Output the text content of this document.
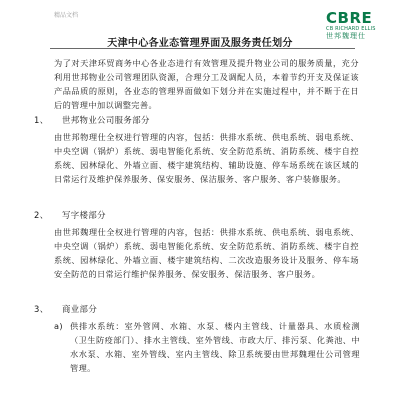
精品文档	CBRE
CB RICHARD ELLIS
世邦魏理仕
天津中心各业态管理界面及服务责任划分
为了对天津环贸商务中心各业态进行有效管理及提升物业公司的服务质量，充分利用世邦物业公司管理团队资源，合理分工及调配人员，本着节约开支及保证该产品品质的原则，各业态的管理界面做如下划分并在实施过程中，并不断于在日后的管理中加以调整完善。
1、 世邦物业公司服务部分
由世邦物理仕全权进行管理的内容，包括：供排水系统、供电系统、弱电系统、中央空调（锅炉）系统、弱电智能化系统、安全防范系统、消防系统、楼宇自控系统、园林绿化、外墙立面、楼宇建筑结构、辅助设施、停车场系统在该区域的日常运行及维护保养服务、保安服务、保洁服务、客户服务、客户装修服务。
2、 写字楼部分
由世邦魏理仕全权进行管理的内容，包括：供排水系统、供电系统、弱电系统、中央空调（锅炉）系统、弱电智能化系统、安全防范系统、消防系统、楼宇自控系统、园林绿化、外墙立面、楼宇建筑结构、二次改造服务设计及服务、停车场安全防范的日常运行维护保养服务、保安服务、保洁服务、客户服务。
3、 商业部分
a) 供排水系统：室外管网、水箱、水泵、楼内主管线、计量器具、水质检测（卫生防疫部门）、排水主管线、室外管线、市政大厅、排污泵、化粪池、中水水泵、水箱、室外管线、室内主管线、除卫系统要由世邦魏理仕公司管理管理。
